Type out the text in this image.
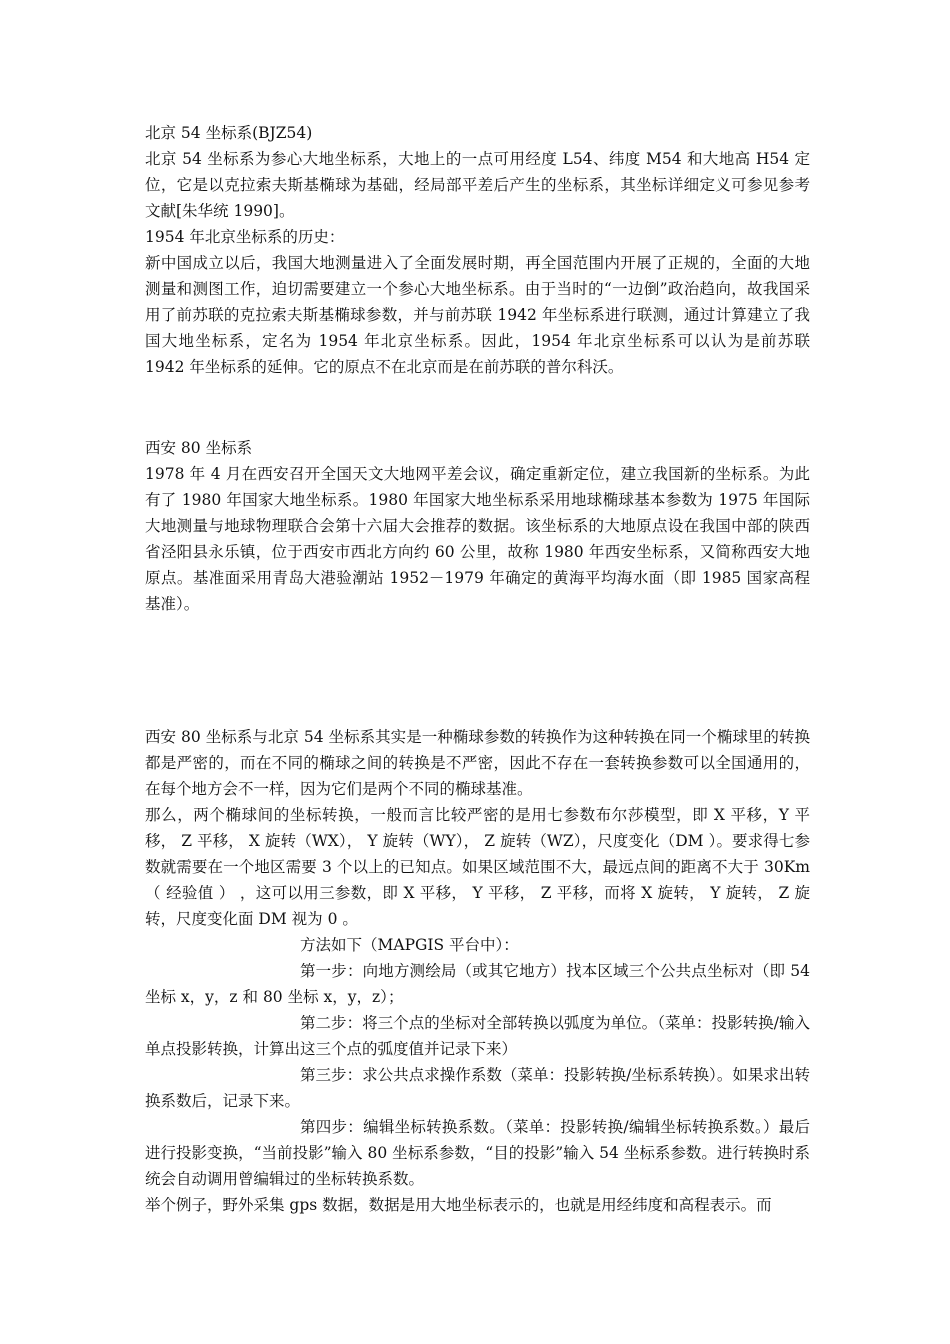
北京 54 坐标系(BJZ54)

北京 54 坐标系为参心大地坐标系，大地上的一点可用经度 L54、纬度 M54 和大地高 H54 定位，它是以克拉索夫斯基椭球为基础，经局部平差后产生的坐标系，其坐标详细定义可参见参考文献[朱华统 1990]。

1954 年北京坐标系的历史：

新中国成立以后，我国大地测量进入了全面发展时期，再全国范围内开展了正规的，全面的大地测量和测图工作，迫切需要建立一个参心大地坐标系。由于当时的“一边倒”政治趋向，故我国采用了前苏联的克拉索夫斯基椭球参数，并与前苏联 1942 年坐标系进行联测，通过计算建立了我国大地坐标系，定名为 1954 年北京坐标系。因此，1954 年北京坐标系可以认为是前苏联 1942 年坐标系的延伸。它的原点不在北京而是在前苏联的普尔科沃。

西安 80 坐标系

1978 年 4 月在西安召开全国天文大地网平差会议，确定重新定位，建立我国新的坐标系。为此有了 1980 年国家大地坐标系。1980 年国家大地坐标系采用地球椭球基本参数为 1975 年国际大地测量与地球物理联合会第十六届大会推荐的数据。该坐标系的大地原点设在我国中部的陕西省泾阳县永乐镇，位于西安市西北方向约 60 公里，故称 1980 年西安坐标系，又简称西安大地原点。基准面采用青岛大港验潮站 1952－1979 年确定的黄海平均海水面（即 1985 国家高程基准）。

西安 80 坐标系与北京 54 坐标系其实是一种椭球参数的转换作为这种转换在同一个椭球里的转换都是严密的，而在不同的椭球之间的转换是不严密，因此不存在一套转换参数可以全国通用的，在每个地方会不一样，因为它们是两个不同的椭球基准。

那么，两个椭球间的坐标转换，一般而言比较严密的是用七参数布尔莎模型，即 X 平移，Y 平移， Z 平移， X 旋转（WX）， Y 旋转（WY）， Z 旋转（WZ），尺度变化（DM ）。要求得七参数就需要在一个地区需要 3 个以上的已知点。如果区域范围不大，最远点间的距离不大于 30Km（ 经验值 ） ，这可以用三参数，即 X 平移， Y 平移， Z 平移，而将 X 旋转， Y 旋转， Z 旋转，尺度变化面 DM 视为 0 。

方法如下（MAPGIS 平台中）：

第一步：向地方测绘局（或其它地方）找本区域三个公共点坐标对（即 54 坐标 x，y，z 和 80 坐标 x，y，z）；

第二步：将三个点的坐标对全部转换以弧度为单位。（菜单：投影转换/输入单点投影转换，计算出这三个点的弧度值并记录下来）

第三步：求公共点求操作系数（菜单：投影转换/坐标系转换）。如果求出转换系数后，记录下来。

第四步：编辑坐标转换系数。（菜单：投影转换/编辑坐标转换系数。）最后进行投影变换，“当前投影”输入 80 坐标系参数，“目的投影”输入 54 坐标系参数。进行转换时系统会自动调用曾编辑过的坐标转换系数。

举个例子，野外采集 gps 数据，数据是用大地坐标表示的，也就是用经纬度和高程表示。而
